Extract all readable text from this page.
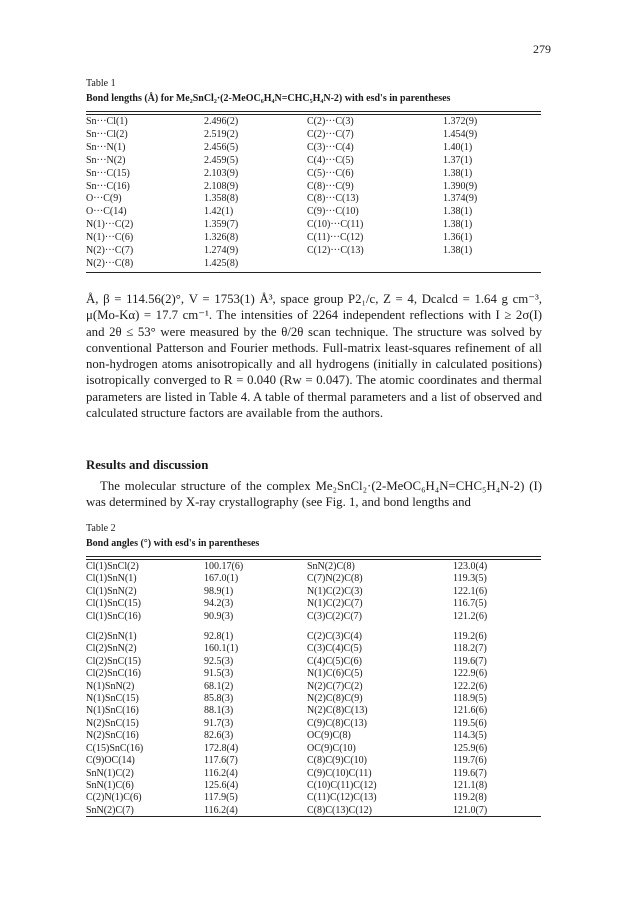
279
Table 1
Bond lengths (Å) for Me₂SnCl₂·(2-MeOC₆H₄N=CHC₅H₄N-2) with esd's in parentheses
Sn···Cl(1)	2.496(2)	C(2)···C(3)	1.372(9)
Sn···Cl(2)	2.519(2)	C(2)···C(7)	1.454(9)
Sn···N(1)	2.456(5)	C(3)···C(4)	1.40(1)
Sn···N(2)	2.459(5)	C(4)···C(5)	1.37(1)
Sn···C(15)	2.103(9)	C(5)···C(6)	1.38(1)
Sn···C(16)	2.108(9)	C(8)···C(9)	1.390(9)
O···C(9)	1.358(8)	C(8)···C(13)	1.374(9)
O···C(14)	1.42(1)	C(9)···C(10)	1.38(1)
N(1)···C(2)	1.359(7)	C(10)···C(11)	1.38(1)
N(1)···C(6)	1.326(8)	C(11)···C(12)	1.36(1)
N(2)···C(7)	1.274(9)	C(12)···C(13)	1.38(1)
N(2)···C(8)	1.425(8)		

Å, β = 114.56(2)°, V = 1753(1) Å³, space group P2₁/c, Z = 4, Dcalcd = 1.64 g cm⁻³, μ(Mo-Kα) = 17.7 cm⁻¹. The intensities of 2264 independent reflections with I ≥ 2σ(I) and 2θ ≤ 53° were measured by the θ/2θ scan technique. The structure was solved by conventional Patterson and Fourier methods. Full-matrix least-squares refinement of all non-hydrogen atoms anisotropically and all hydrogens (initially in calculated positions) isotropically converged to R = 0.040 (Rw = 0.047). The atomic coordinates and thermal parameters are listed in Table 4. A table of thermal parameters and a list of observed and calculated structure factors are available from the authors.

Results and discussion

The molecular structure of the complex Me₂SnCl₂·(2-MeOC₆H₄N=CHC₅H₄N-2) (I) was determined by X-ray crystallography (see Fig. 1, and bond lengths and

Table 2
Bond angles (°) with esd's in parentheses
Cl(1)SnCl(2)	100.17(6)	SnN(2)C(8)	123.0(4)
Cl(1)SnN(1)	167.0(1)	C(7)N(2)C(8)	119.3(5)
Cl(1)SnN(2)	98.9(1)	N(1)C(2)C(3)	122.1(6)
Cl(1)SnC(15)	94.2(3)	N(1)C(2)C(7)	116.7(5)
Cl(1)SnC(16)	90.9(3)	C(3)C(2)C(7)	121.2(6)

Cl(2)SnN(1)	92.8(1)	C(2)C(3)C(4)	119.2(6)
Cl(2)SnN(2)	160.1(1)	C(3)C(4)C(5)	118.2(7)
Cl(2)SnC(15)	92.5(3)	C(4)C(5)C(6)	119.6(7)
Cl(2)SnC(16)	91.5(3)	N(1)C(6)C(5)	122.9(6)
N(1)SnN(2)	68.1(2)	N(2)C(7)C(2)	122.2(6)
N(1)SnC(15)	85.8(3)	N(2)C(8)C(9)	118.9(5)
N(1)SnC(16)	88.1(3)	N(2)C(8)C(13)	121.6(6)
N(2)SnC(15)	91.7(3)	C(9)C(8)C(13)	119.5(6)
N(2)SnC(16)	82.6(3)	OC(9)C(8)	114.3(5)
C(15)SnC(16)	172.8(4)	OC(9)C(10)	125.9(6)
C(9)OC(14)	117.6(7)	C(8)C(9)C(10)	119.7(6)
SnN(1)C(2)	116.2(4)	C(9)C(10)C(11)	119.6(7)
SnN(1)C(6)	125.6(4)	C(10)C(11)C(12)	121.1(8)
C(2)N(1)C(6)	117.9(5)	C(11)C(12)C(13)	119.2(8)
SnN(2)C(7)	116.2(4)	C(8)C(13)C(12)	121.0(7)
